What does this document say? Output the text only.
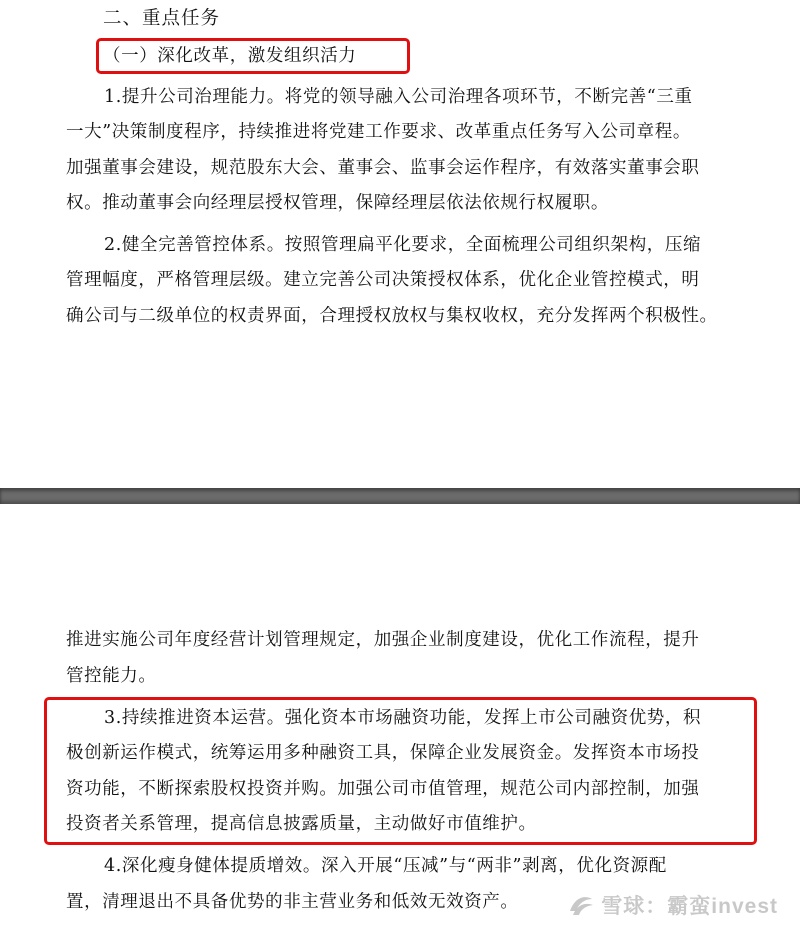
二、重点任务
（一）深化改革，激发组织活力
1.提升公司治理能力。将党的领导融入公司治理各项环节，不断完善“三重
一大”决策制度程序，持续推进将党建工作要求、改革重点任务写入公司章程。
加强董事会建设，规范股东大会、董事会、监事会运作程序，有效落实董事会职
权。推动董事会向经理层授权管理，保障经理层依法依规行权履职。
2.健全完善管控体系。按照管理扁平化要求，全面梳理公司组织架构，压缩
管理幅度，严格管理层级。建立完善公司决策授权体系，优化企业管控模式，明
确公司与二级单位的权责界面，合理授权放权与集权收权，充分发挥两个积极性。
推进实施公司年度经营计划管理规定，加强企业制度建设，优化工作流程，提升
管控能力。
3.持续推进资本运营。强化资本市场融资功能，发挥上市公司融资优势，积
极创新运作模式，统筹运用多种融资工具，保障企业发展资金。发挥资本市场投
资功能，不断探索股权投资并购。加强公司市值管理，规范公司内部控制，加强
投资者关系管理，提高信息披露质量，主动做好市值维护。
4.深化瘦身健体提质增效。深入开展“压减”与“两非”剥离，优化资源配
置，清理退出不具备优势的非主营业务和低效无效资产。	雪球：霸蛮invest
